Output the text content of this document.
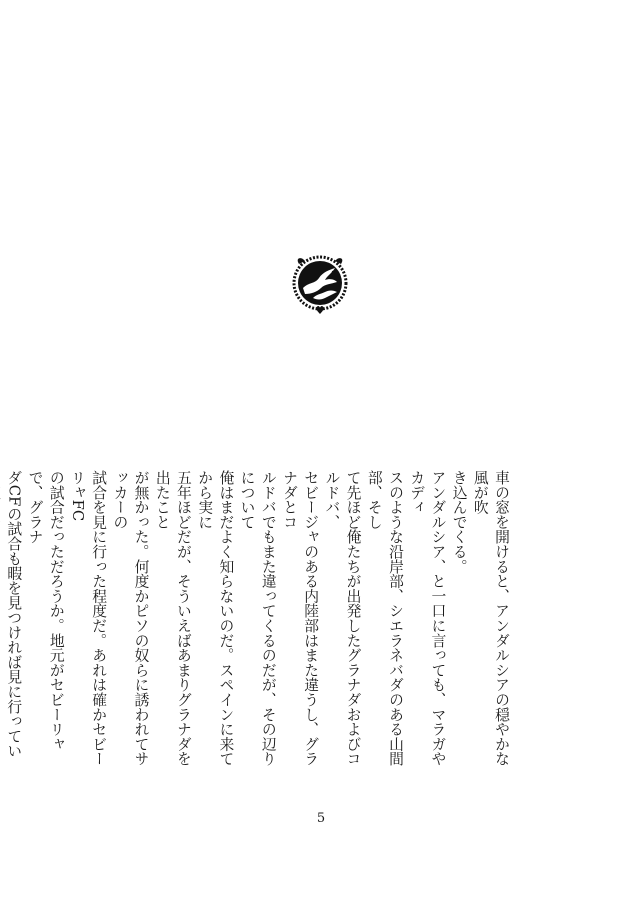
車の窓を開けると、アンダルシアの穏やかな風が吹

き込んでくる。

アンダルシア、と一口に言っても、マラガやカディ

スのような沿岸部、シエラネバダのある山間部、そし

て先ほど俺たちが出発したグラナダおよびコルドバ、

セビージャのある内陸部はまた違うし、グラナダとコ

ルドバでもまた違ってくるのだが、その辺りについて

俺はまだよく知らないのだ。スペインに来てから実に

五年ほどだが、そういえばあまりグラナダを出たこと

が無かった。何度かピソの奴らに誘われてサッカーの

試合を見に行った程度だ。あれは確かセビーリャFC

の試合だっただろうか。地元がセビーリャで、グラナ

ダCFの試合も暇を見つければ見に行ってい

5
